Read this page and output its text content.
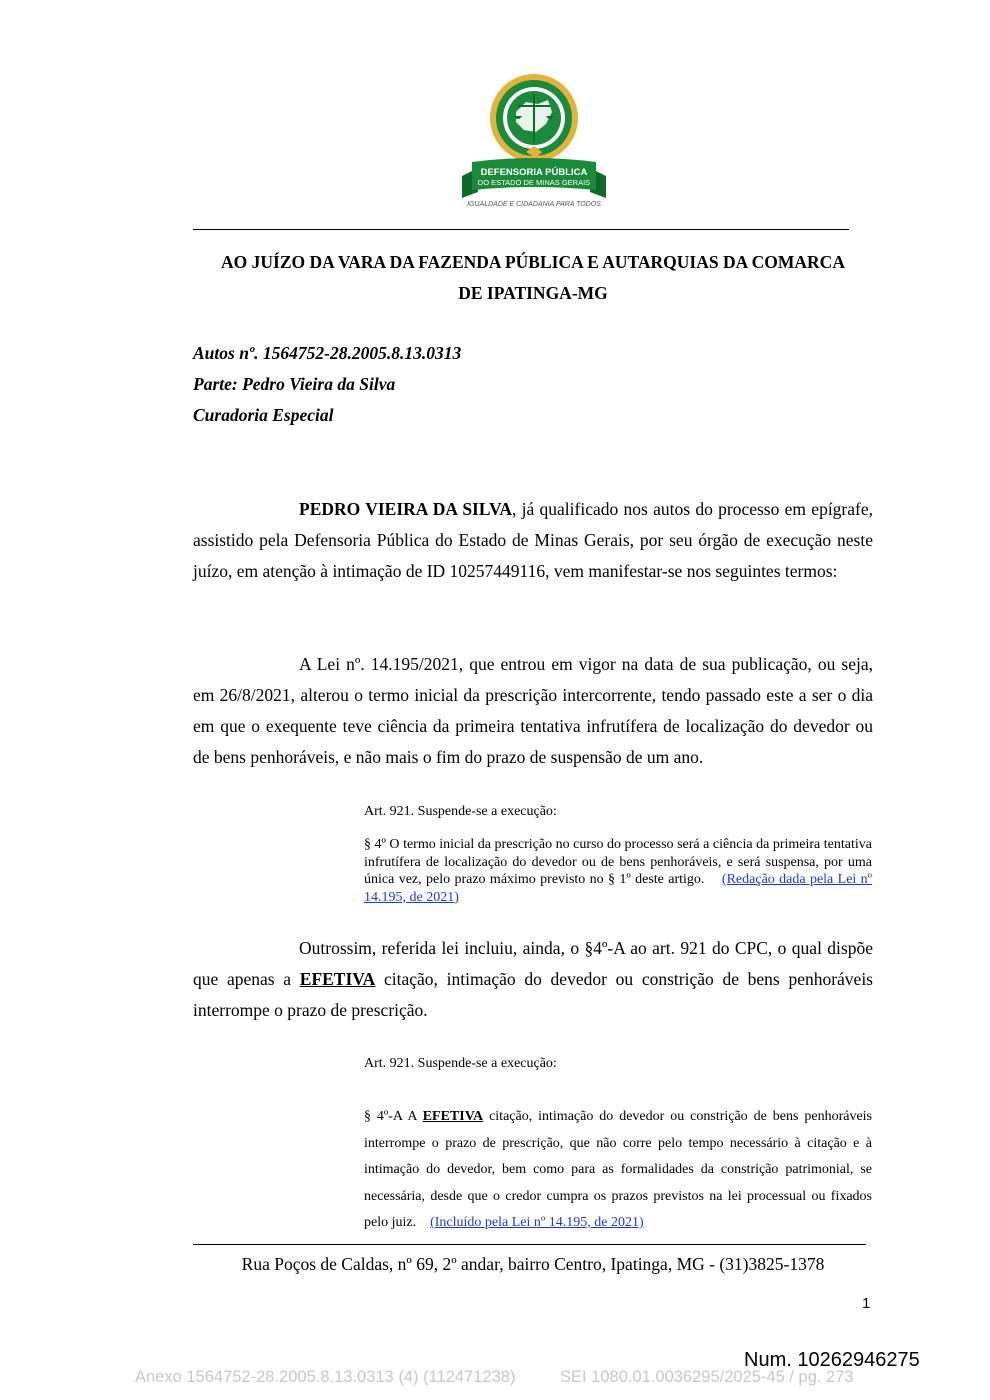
DEFENSORIA PÚBLICA
DO ESTADO DE MINAS GERAIS
IGUALDADE E CIDADANIA PARA TODOS
AO JUÍZO DA VARA DA FAZENDA PÚBLICA E AUTARQUIAS DA COMARCA
DE IPATINGA-MG
Autos nº. 1564752-28.2005.8.13.0313
Parte: Pedro Vieira da Silva
Curadoria Especial
PEDRO VIEIRA DA SILVA, já qualificado nos autos do processo em epígrafe, assistido pela Defensoria Pública do Estado de Minas Gerais, por seu órgão de execução neste juízo, em atenção à intimação de ID 10257449116, vem manifestar-se nos seguintes termos:
A Lei nº. 14.195/2021, que entrou em vigor na data de sua publicação, ou seja, em 26/8/2021, alterou o termo inicial da prescrição intercorrente, tendo passado este a ser o dia em que o exequente teve ciência da primeira tentativa infrutífera de localização do devedor ou de bens penhoráveis, e não mais o fim do prazo de suspensão de um ano.
Art. 921. Suspende-se a execução:
§ 4º O termo inicial da prescrição no curso do processo será a ciência da primeira tentativa infrutífera de localização do devedor ou de bens penhoráveis, e será suspensa, por uma única vez, pelo prazo máximo previsto no § 1º deste artigo. (Redação dada pela Lei nº 14.195, de 2021)
Outrossim, referida lei incluiu, ainda, o §4º-A ao art. 921 do CPC, o qual dispõe que apenas a EFETIVA citação, intimação do devedor ou constrição de bens penhoráveis interrompe o prazo de prescrição.
Art. 921. Suspende-se a execução:
§ 4º-A A EFETIVA citação, intimação do devedor ou constrição de bens penhoráveis interrompe o prazo de prescrição, que não corre pelo tempo necessário à citação e à intimação do devedor, bem como para as formalidades da constrição patrimonial, se necessária, desde que o credor cumpra os prazos previstos na lei processual ou fixados pelo juiz. (Incluído pela Lei nº 14.195, de 2021)
Rua Poços de Caldas, nº 69, 2º andar, bairro Centro, Ipatinga, MG - (31)3825-1378
1
Num. 10262946275
Anexo 1564752-28.2005.8.13.0313 (4) (112471238)	SEI 1080.01.0036295/2025-45 / pg. 273
